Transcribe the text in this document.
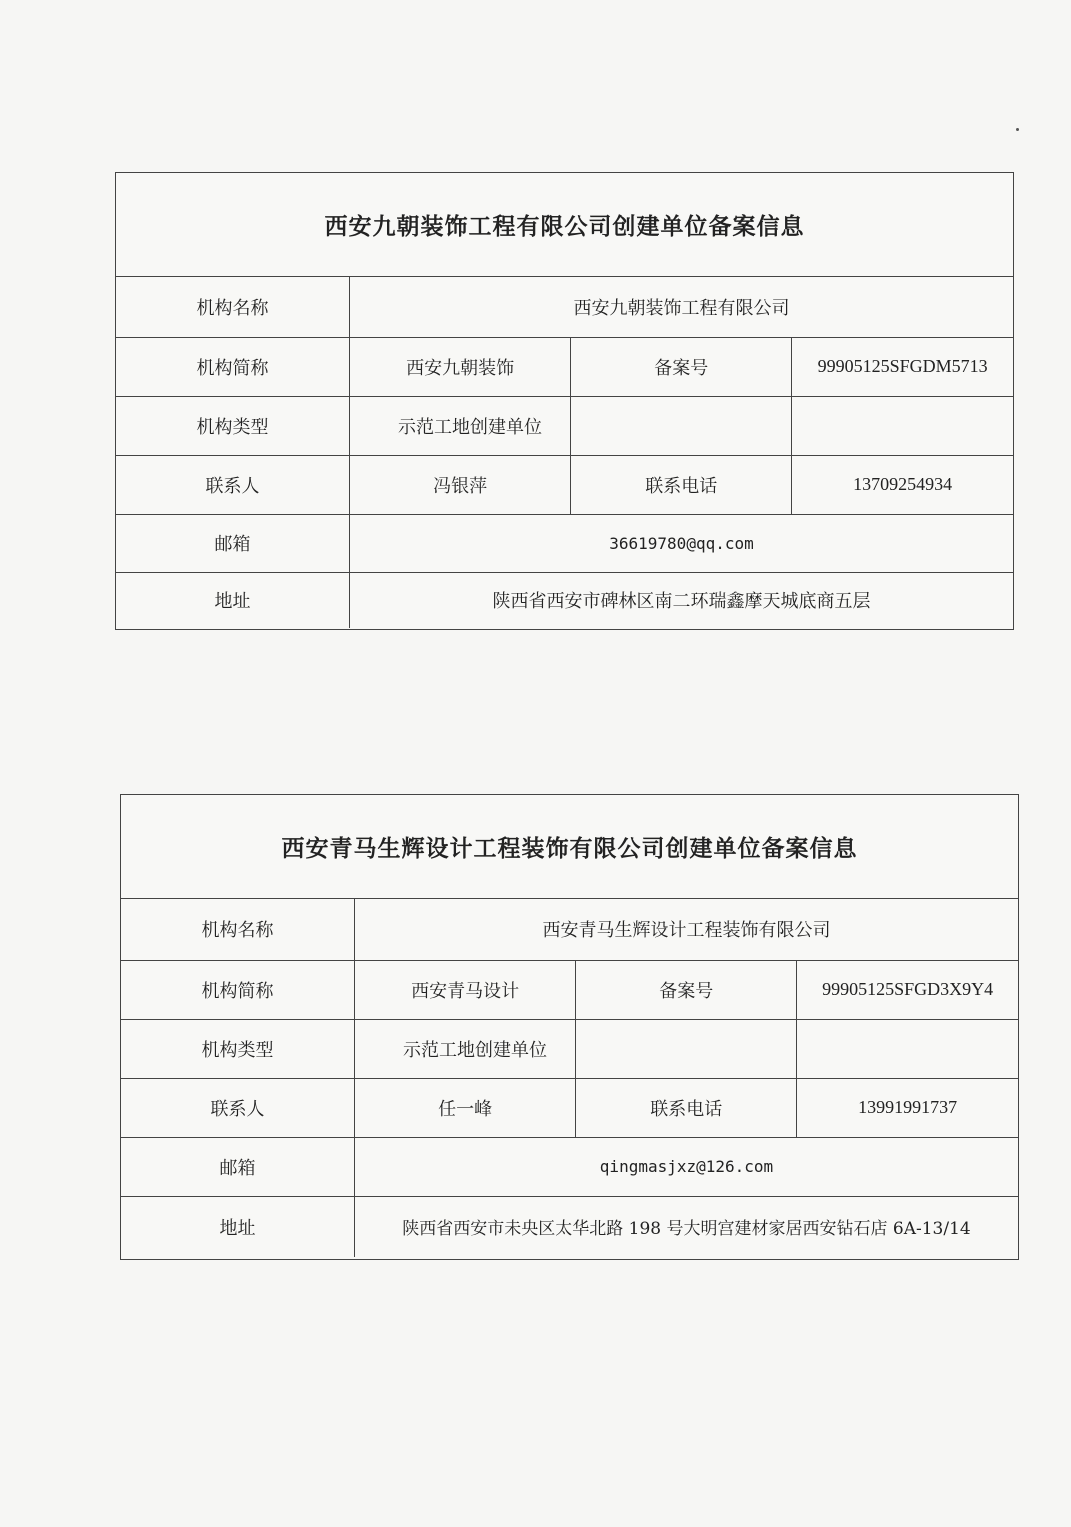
西安九朝装饰工程有限公司创建单位备案信息
机构名称	西安九朝装饰工程有限公司		
机构简称	西安九朝装饰	备案号	99905125SFGDM5713
机构类型	示范工地创建单位		
联系人	冯银萍	联系电话	13709254934
邮箱	36619780@qq.com		
地址	陕西省西安市碑林区南二环瑞鑫摩天城底商五层		
西安青马生辉设计工程装饰有限公司创建单位备案信息
机构名称	西安青马生辉设计工程装饰有限公司		
机构简称	西安青马设计	备案号	99905125SFGD3X9Y4
机构类型	示范工地创建单位		
联系人	任一峰	联系电话	13991991737
邮箱	qingmasjxz@126.com		
地址	陕西省西安市未央区太华北路 198 号大明宫建材家居西安钻石店 6A-13/14		
